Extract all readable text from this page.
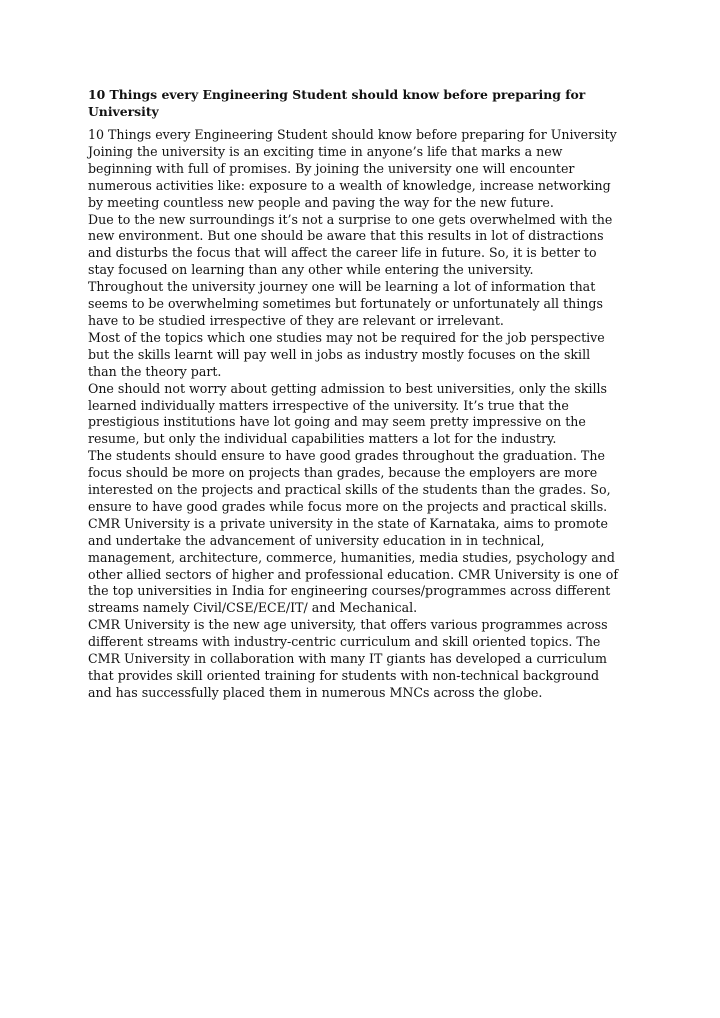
10 Things every Engineering Student should know before preparing for University

10 Things every Engineering Student should know before preparing for University
Joining the university is an exciting time in anyone’s life that marks a new
beginning with full of promises. By joining the university one will encounter
numerous activities like: exposure to a wealth of knowledge, increase networking
by meeting countless new people and paving the way for the new future.
Due to the new surroundings it’s not a surprise to one gets overwhelmed with the
new environment. But one should be aware that this results in lot of distractions
and disturbs the focus that will affect the career life in future. So, it is better to
stay focused on learning than any other while entering the university.
Throughout the university journey one will be learning a lot of information that
seems to be overwhelming sometimes but fortunately or unfortunately all things
have to be studied irrespective of they are relevant or irrelevant.
Most of the topics which one studies may not be required for the job perspective
but the skills learnt will pay well in jobs as industry mostly focuses on the skill
than the theory part.
One should not worry about getting admission to best universities, only the skills
learned individually matters irrespective of the university. It’s true that the
prestigious institutions have lot going and may seem pretty impressive on the
resume, but only the individual capabilities matters a lot for the industry.
The students should ensure to have good grades throughout the graduation. The
focus should be more on projects than grades, because the employers are more
interested on the projects and practical skills of the students than the grades. So,
ensure to have good grades while focus more on the projects and practical skills.
CMR University is a private university in the state of Karnataka, aims to promote
and undertake the advancement of university education in in technical,
management, architecture, commerce, humanities, media studies, psychology and
other allied sectors of higher and professional education. CMR University is one of
the top universities in India for engineering courses/programmes across different
streams namely Civil/CSE/ECE/IT/ and Mechanical.
CMR University is the new age university, that offers various programmes across
different streams with industry-centric curriculum and skill oriented topics. The
CMR University in collaboration with many IT giants has developed a curriculum
that provides skill oriented training for students with non-technical background
and has successfully placed them in numerous MNCs across the globe.
